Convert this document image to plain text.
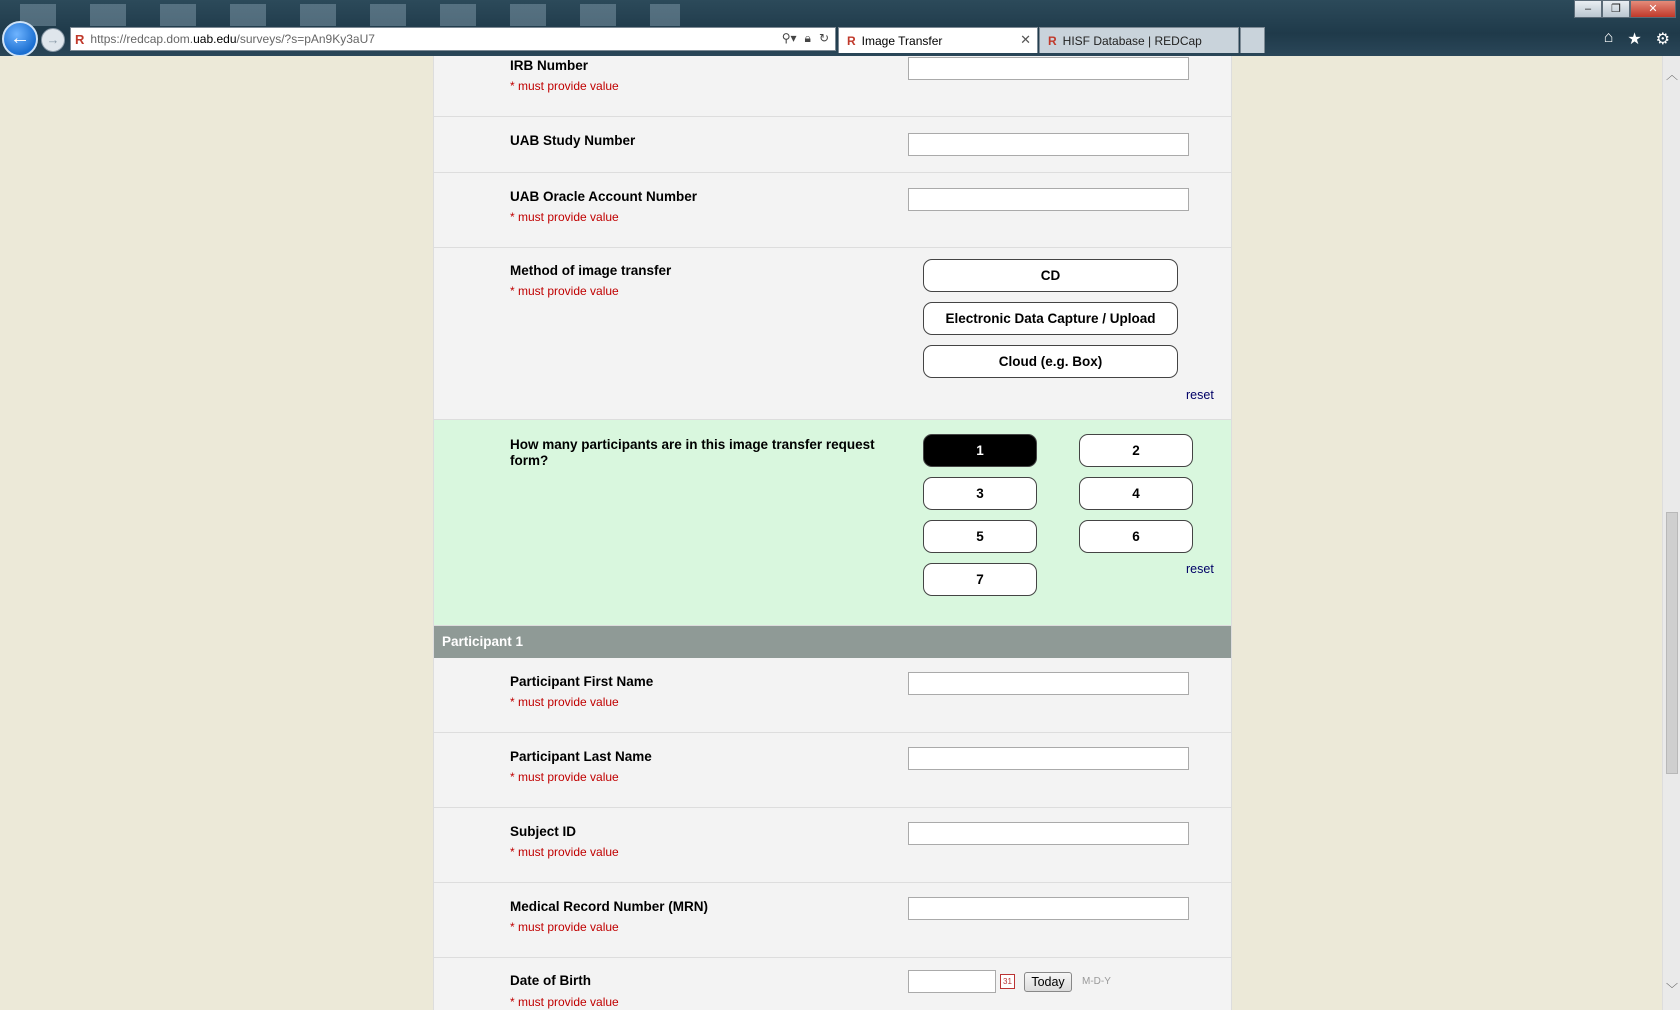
–	❐	✕
←	→	R https://redcap.dom. uab.edu /surveys/?s=pAn9Ky3aU7	⚲▾ 🔒︎ ↻ R Image Transfer	✕ R HISF Database | REDCap	⌂ ★ ⚙
IRB Number
* must provide value
UAB Study Number
UAB Oracle Account Number
* must provide value
Method of image transfer
* must provide value
CD
Electronic Data Capture / Upload
Cloud (e.g. Box)
reset
How many participants are in this image transfer request form?
1	2
3	4
5	6
7
reset
Participant 1
Participant First Name
* must provide value
Participant Last Name
* must provide value
Subject ID
* must provide value
Medical Record Number (MRN)
* must provide value
Date of Birth
* must provide value
31	Today	M-D-Y
︿
﹀
